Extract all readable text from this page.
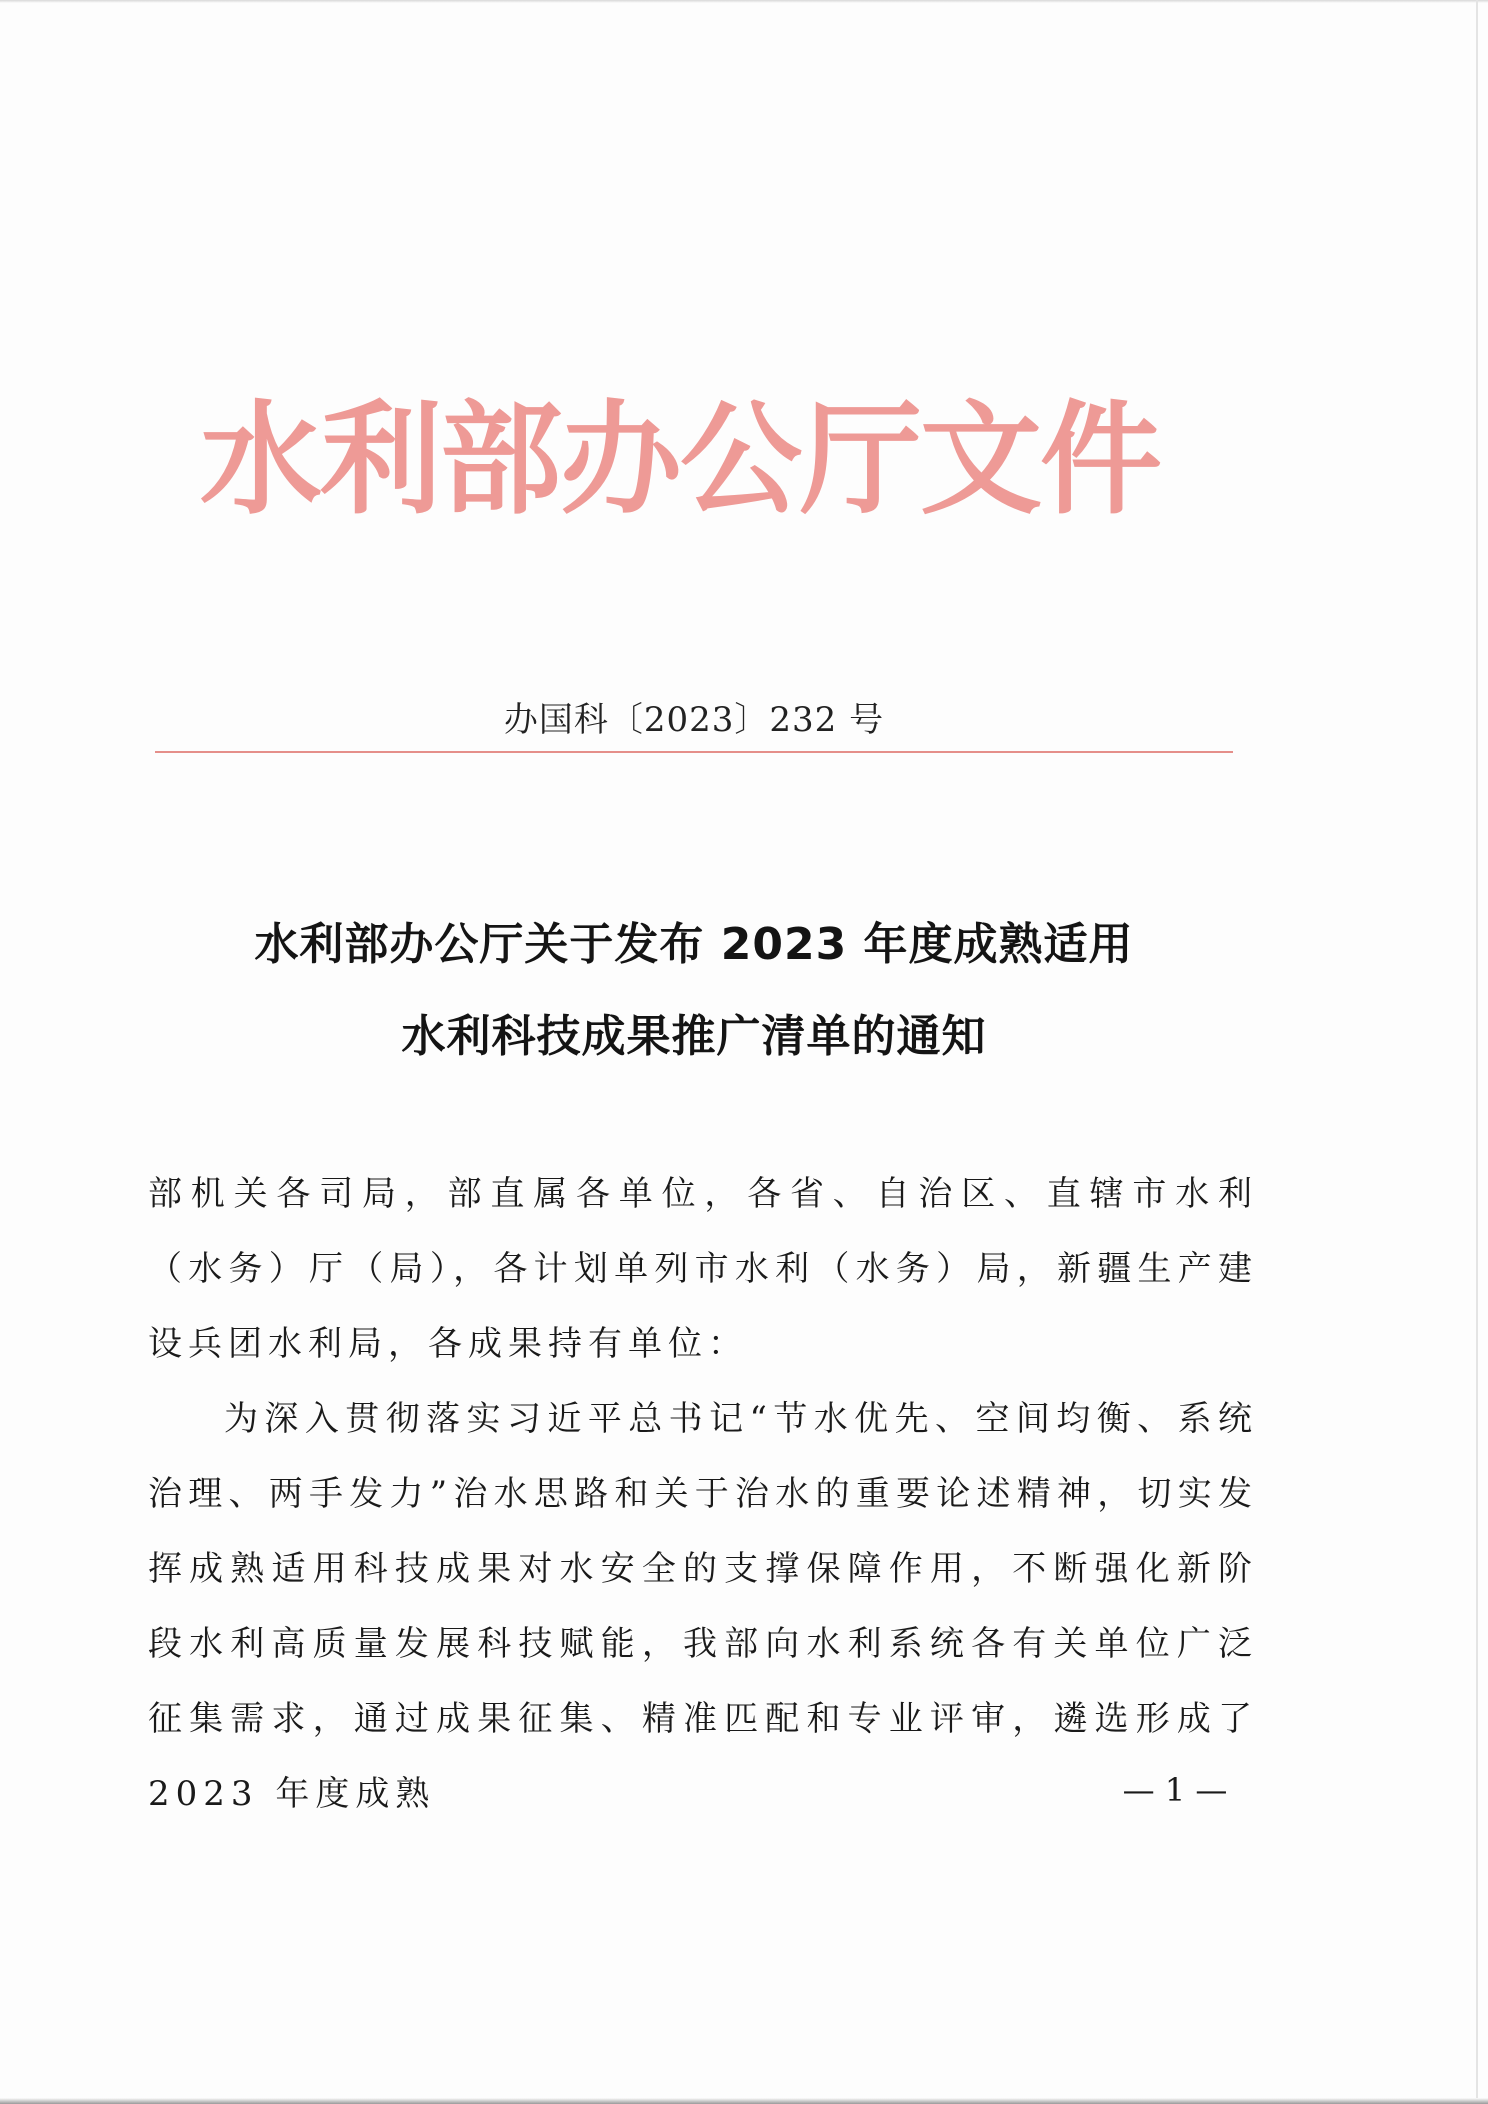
水利部办公厅文件
办国科〔2023〕232 号
水利部办公厅关于发布 2023 年度成熟适用
水利科技成果推广清单的通知
部机关各司局，部直属各单位，各省、自治区、直辖市水利（水务）厅（局），各计划单列市水利（水务）局，新疆生产建设兵团水利局，各成果持有单位：
为深入贯彻落实习近平总书记“节水优先、空间均衡、系统治理、两手发力”治水思路和关于治水的重要论述精神，切实发挥成熟适用科技成果对水安全的支撑保障作用，不断强化新阶段水利高质量发展科技赋能，我部向水利系统各有关单位广泛征集需求，通过成果征集、精准匹配和专业评审，遴选形成了 2023 年度成熟	— 1 —
